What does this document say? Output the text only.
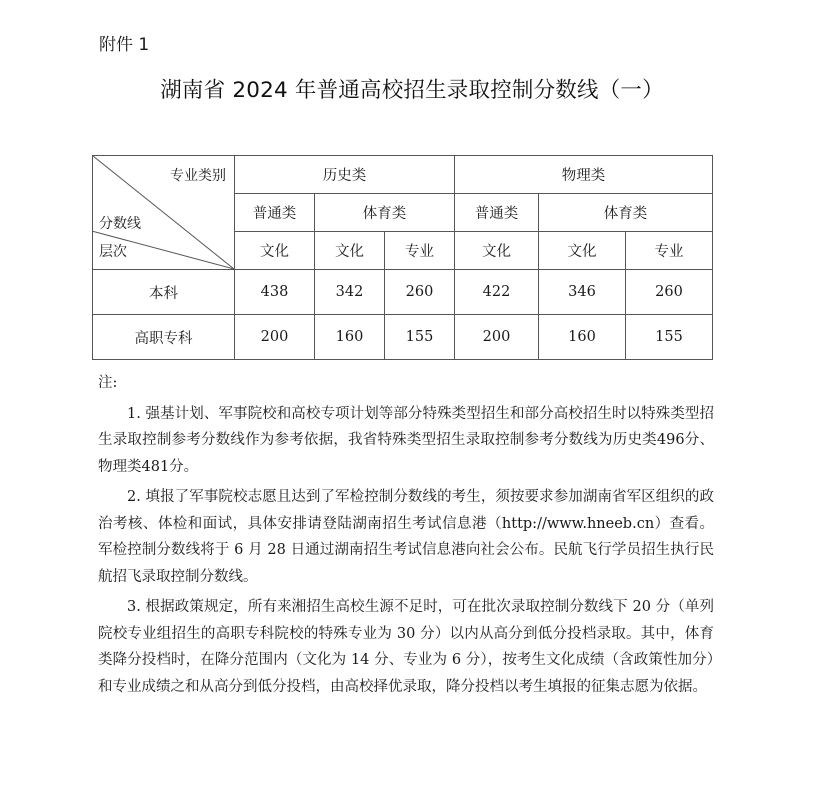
附件 1
湖南省 2024 年普通高校招生录取控制分数线（一）
专业类别
分数线
层次	历史类			物理类		
	普通类	体育类		普通类	体育类	
	文化	文化	专业	文化	文化	专业
本科	438	342	260	422	346	260
高职专科	200	160	155	200	160	155

注:

1. 强基计划、军事院校和高校专项计划等部分特殊类型招生和部分高校招生时以特殊类型招生录取控制参考分数线作为参考依据，我省特殊类型招生录取控制参考分数线为历史类496分、物理类481分。

2. 填报了军事院校志愿且达到了军检控制分数线的考生，须按要求参加湖南省军区组织的政治考核、体检和面试，具体安排请登陆湖南招生考试信息港（http://www.hneeb.cn）查看。军检控制分数线将于 6 月 28 日通过湖南招生考试信息港向社会公布。民航飞行学员招生执行民航招飞录取控制分数线。

3. 根据政策规定，所有来湘招生高校生源不足时，可在批次录取控制分数线下 20 分（单列院校专业组招生的高职专科院校的特殊专业为 30 分）以内从高分到低分投档录取。其中，体育类降分投档时，在降分范围内（文化为 14 分、专业为 6 分），按考生文化成绩（含政策性加分）和专业成绩之和从高分到低分投档，由高校择优录取，降分投档以考生填报的征集志愿为依据。
